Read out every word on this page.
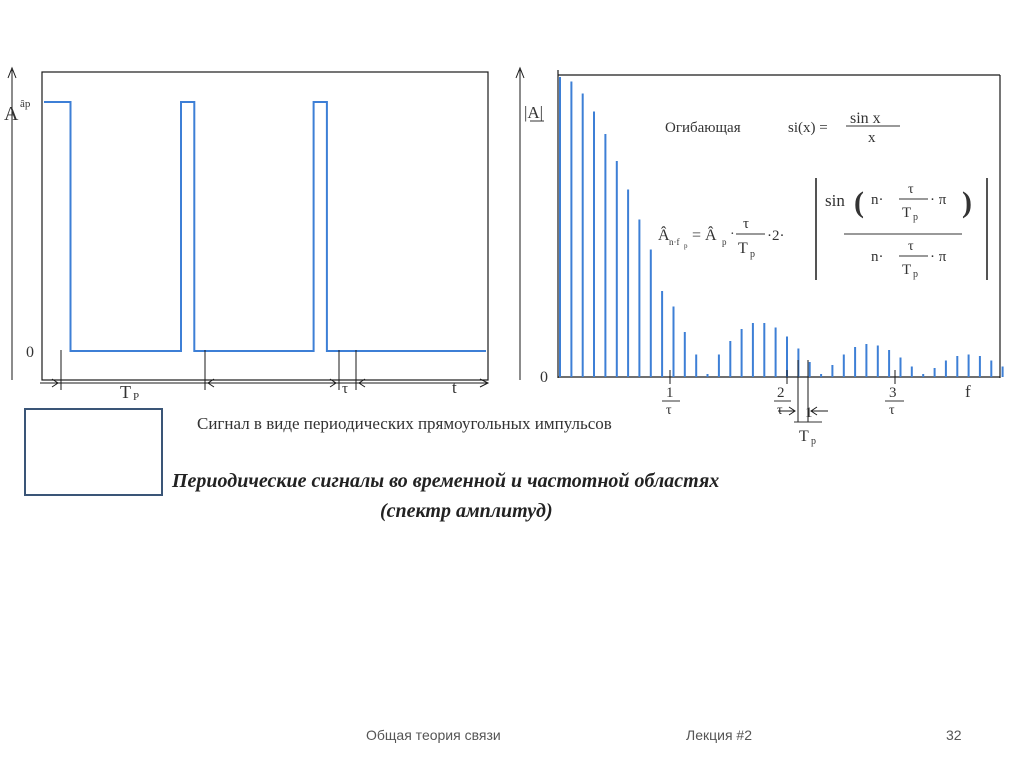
A âp
0
T P	τ	t
|A|
0
1
τ
2
τ
3
τ
f
1
T p
Огибающая	si(x) =
sin x
x
Â n·f p
= Â p ·
τ
T p
·2·
sin ( n·
τ
T p
· π )
n·
τ
T p
· π
Сигнал в виде периодических прямоугольных импульсов
Периодические сигналы во временной и частотной областях
(спектр амплитуд)
Общая теория связи	Лекция #2	32
